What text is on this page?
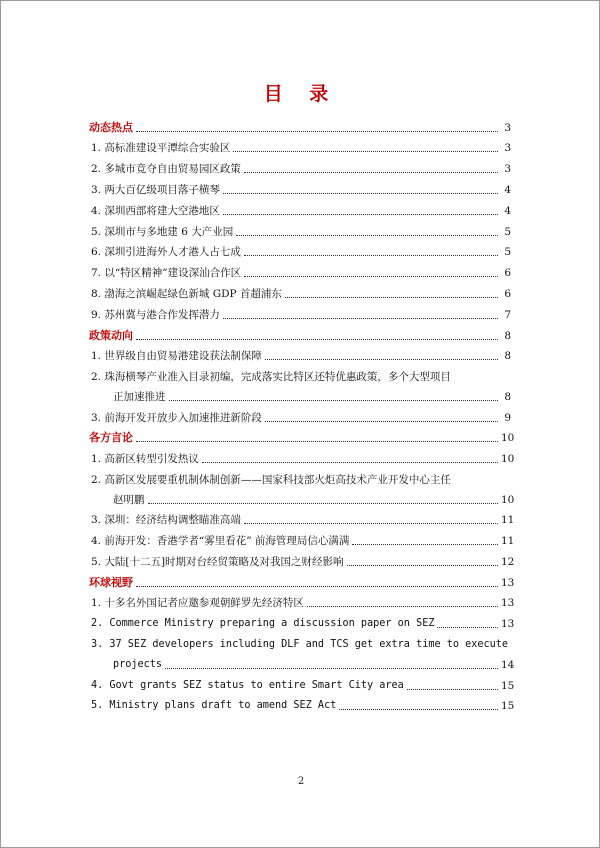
目 录
动态热点	3
1. 高标准建设平潭综合实验区	3
2. 多城市竞夺自由贸易园区政策	3
3. 两大百亿级项目落子横琴	4
4. 深圳西部将建大空港地区	4
5. 深圳市与多地建 6 大产业园	5
6. 深圳引进海外人才港人占七成	5
7. 以“特区精神”建设深汕合作区	6
8. 渤海之滨崛起绿色新城 GDP 首超浦东	6
9. 苏州冀与港合作发挥潜力	7
政策动向	8
1. 世界级自由贸易港建设获法制保障	8
2. 珠海横琴产业准入目录初编，完成落实比特区还特优惠政策，多个大型项目
正加速推进	8
3. 前海开发开放步入加速推进新阶段	9
各方言论	10
1. 高新区转型引发热议	10
2. 高新区发展要重机制体制创新——国家科技部火炬高技术产业开发中心主任
赵明鹏	10
3. 深圳：经济结构调整瞄准高端	11
4. 前海开发：香港学者“雾里看花” 前海管理局信心满满	11
5. 大陆[十二五]时期对台经贸策略及对我国之财经影响	12
环球视野	13
1. 十多名外国记者应邀参观朝鲜罗先经济特区	13
2. Commerce Ministry preparing a discussion paper on SEZ	13
3. 37 SEZ developers including DLF and TCS get extra time to execute
projects	14
4. Govt grants SEZ status to entire Smart City area	15
5. Ministry plans draft to amend SEZ Act	15
2
